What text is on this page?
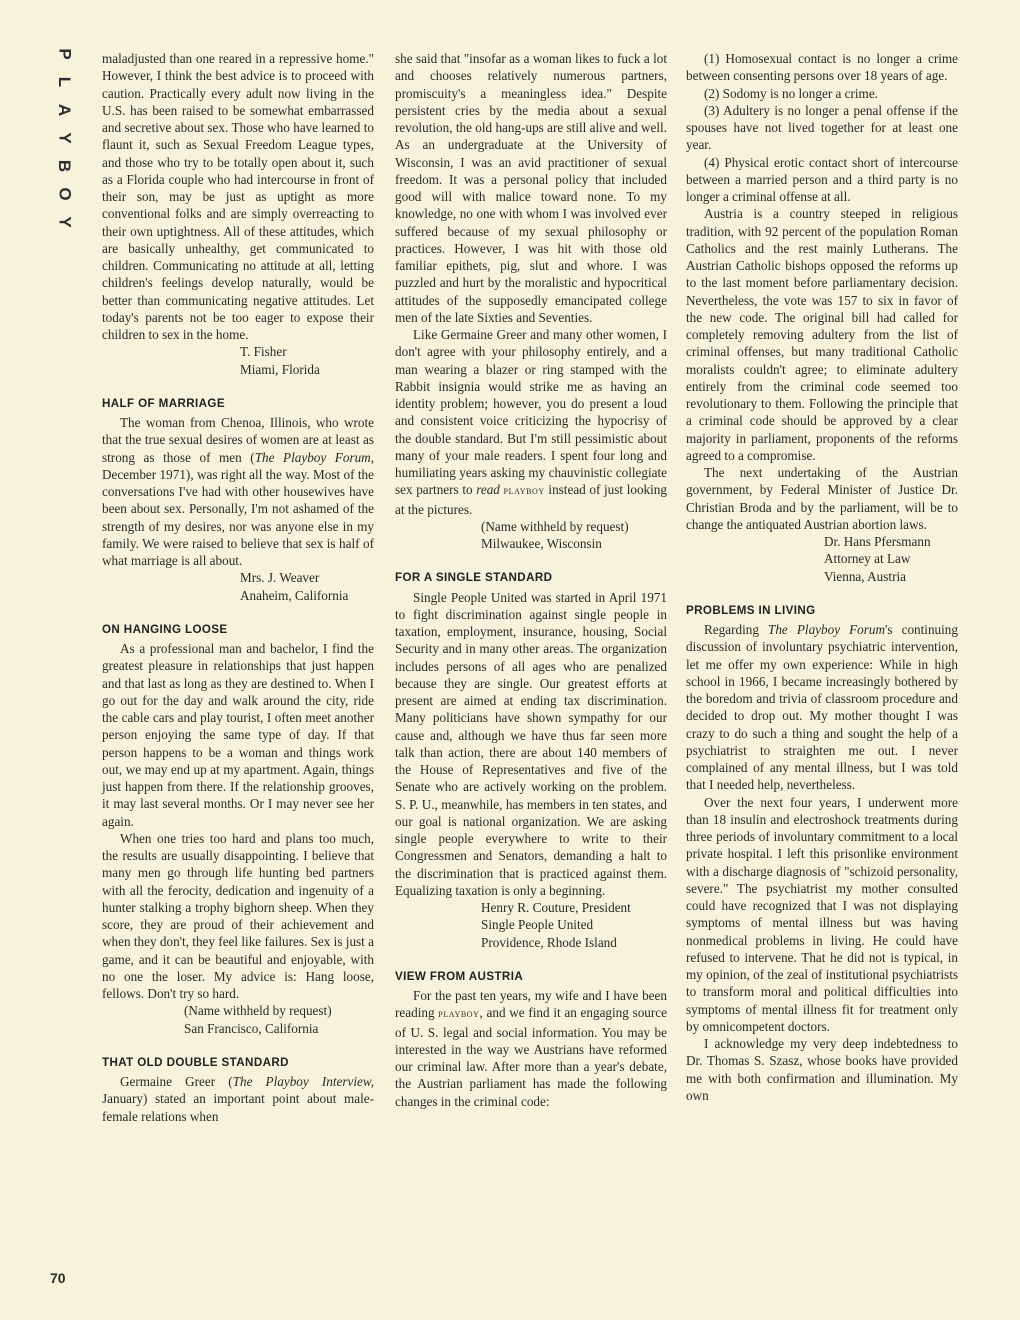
P
L
A
Y
B
O
Y
70

maladjusted than one reared in a repressive home." However, I think the best advice is to proceed with caution. Practically every adult now living in the U.S. has been raised to be somewhat embarrassed and secretive about sex. Those who have learned to flaunt it, such as Sexual Freedom League types, and those who try to be totally open about it, such as a Florida couple who had intercourse in front of their son, may be just as uptight as more conventional folks and are simply overreacting to their own uptightness. All of these attitudes, which are basically unhealthy, get communicated to children. Communicating no attitude at all, letting children's feelings develop naturally, would be better than communicating negative attitudes. Let today's parents not be too eager to expose their children to sex in the home.

T. Fisher
Miami, Florida
HALF OF MARRIAGE

The woman from Chenoa, Illinois, who wrote that the true sexual desires of women are at least as strong as those of men (The Playboy Forum, December 1971), was right all the way. Most of the conversations I've had with other housewives have been about sex. Personally, I'm not ashamed of the strength of my desires, nor was anyone else in my family. We were raised to believe that sex is half of what marriage is all about.

Mrs. J. Weaver
Anaheim, California
ON HANGING LOOSE

As a professional man and bachelor, I find the greatest pleasure in relationships that just happen and that last as long as they are destined to. When I go out for the day and walk around the city, ride the cable cars and play tourist, I often meet another person enjoying the same type of day. If that person happens to be a woman and things work out, we may end up at my apartment. Again, things just happen from there. If the relationship grooves, it may last several months. Or I may never see her again.

When one tries too hard and plans too much, the results are usually disappointing. I believe that many men go through life hunting bed partners with all the ferocity, dedication and ingenuity of a hunter stalking a trophy bighorn sheep. When they score, they are proud of their achievement and when they don't, they feel like failures. Sex is just a game, and it can be beautiful and enjoyable, with no one the loser. My advice is: Hang loose, fellows. Don't try so hard.

(Name withheld by request)
San Francisco, California
THAT OLD DOUBLE STANDARD

Germaine Greer (The Playboy Interview, January) stated an important point about male-female relations when

she said that "insofar as a woman likes to fuck a lot and chooses relatively numerous partners, promiscuity's a meaningless idea." Despite persistent cries by the media about a sexual revolution, the old hang-ups are still alive and well. As an undergraduate at the University of Wisconsin, I was an avid practitioner of sexual freedom. It was a personal policy that included good will with malice toward none. To my knowledge, no one with whom I was involved ever suffered because of my sexual philosophy or practices. However, I was hit with those old familiar epithets, pig, slut and whore. I was puzzled and hurt by the moralistic and hypocritical attitudes of the supposedly emancipated college men of the late Sixties and Seventies.

Like Germaine Greer and many other women, I don't agree with your philosophy entirely, and a man wearing a blazer or ring stamped with the Rabbit insignia would strike me as having an identity problem; however, you do present a loud and consistent voice criticizing the hypocrisy of the double standard. But I'm still pessimistic about many of your male readers. I spent four long and humiliating years asking my chauvinistic collegiate sex partners to read playboy instead of just looking at the pictures.

(Name withheld by request)
Milwaukee, Wisconsin
FOR A SINGLE STANDARD

Single People United was started in April 1971 to fight discrimination against single people in taxation, employment, insurance, housing, Social Security and in many other areas. The organization includes persons of all ages who are penalized because they are single. Our greatest efforts at present are aimed at ending tax discrimination. Many politicians have shown sympathy for our cause and, although we have thus far seen more talk than action, there are about 140 members of the House of Representatives and five of the Senate who are actively working on the problem. S. P. U., meanwhile, has members in ten states, and our goal is national organization. We are asking single people everywhere to write to their Congressmen and Senators, demanding a halt to the discrimination that is practiced against them. Equalizing taxation is only a beginning.

Henry R. Couture, President
Single People United
Providence, Rhode Island
VIEW FROM AUSTRIA

For the past ten years, my wife and I have been reading playboy, and we find it an engaging source of U. S. legal and social information. You may be interested in the way we Austrians have reformed our criminal law. After more than a year's debate, the Austrian parliament has made the following changes in the criminal code:

(1) Homosexual contact is no longer a crime between consenting persons over 18 years of age.

(2) Sodomy is no longer a crime.

(3) Adultery is no longer a penal offense if the spouses have not lived together for at least one year.

(4) Physical erotic contact short of intercourse between a married person and a third party is no longer a criminal offense at all.

Austria is a country steeped in religious tradition, with 92 percent of the population Roman Catholics and the rest mainly Lutherans. The Austrian Catholic bishops opposed the reforms up to the last moment before parliamentary decision. Nevertheless, the vote was 157 to six in favor of the new code. The original bill had called for completely removing adultery from the list of criminal offenses, but many traditional Catholic moralists couldn't agree; to eliminate adultery entirely from the criminal code seemed too revolutionary to them. Following the principle that a criminal code should be approved by a clear majority in parliament, proponents of the reforms agreed to a compromise.

The next undertaking of the Austrian government, by Federal Minister of Justice Dr. Christian Broda and by the parliament, will be to change the antiquated Austrian abortion laws.

Dr. Hans Pfersmann
Attorney at Law
Vienna, Austria
PROBLEMS IN LIVING

Regarding The Playboy Forum's continuing discussion of involuntary psychiatric intervention, let me offer my own experience: While in high school in 1966, I became increasingly bothered by the boredom and trivia of classroom procedure and decided to drop out. My mother thought I was crazy to do such a thing and sought the help of a psychiatrist to straighten me out. I never complained of any mental illness, but I was told that I needed help, nevertheless.

Over the next four years, I underwent more than 18 insulin and electroshock treatments during three periods of involuntary commitment to a local private hospital. I left this prisonlike environment with a discharge diagnosis of "schizoid personality, severe." The psychiatrist my mother consulted could have recognized that I was not displaying symptoms of mental illness but was having nonmedical problems in living. He could have refused to intervene. That he did not is typical, in my opinion, of the zeal of institutional psychiatrists to transform moral and political difficulties into symptoms of mental illness fit for treatment only by omnicompetent doctors.

I acknowledge my very deep indebtedness to Dr. Thomas S. Szasz, whose books have provided me with both confirmation and illumination. My own
